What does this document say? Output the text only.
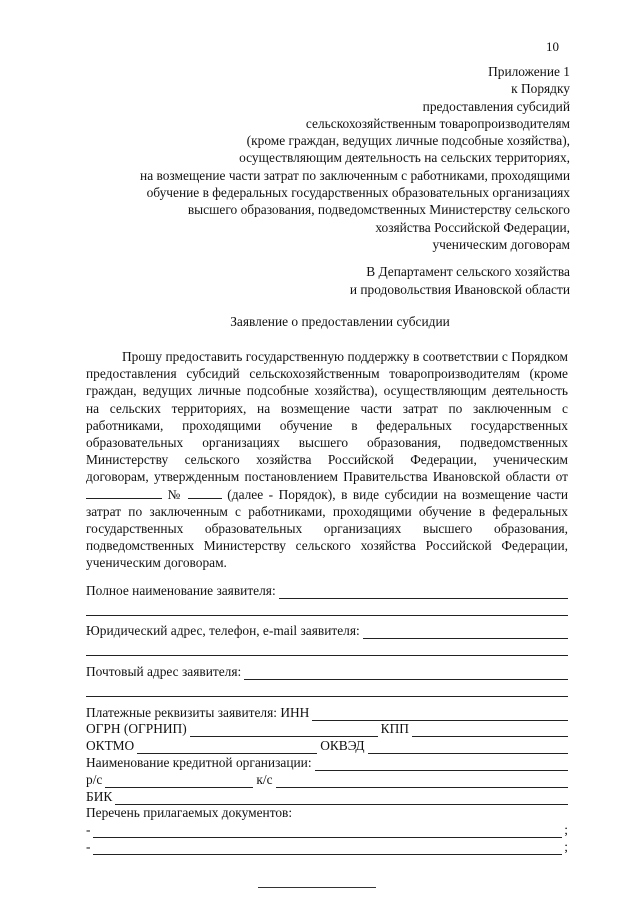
10
Приложение 1
к Порядку
предоставления субсидий
сельскохозяйственным товаропроизводителям
(кроме граждан, ведущих личные подсобные хозяйства),
осуществляющим деятельность на сельских территориях,
на возмещение части затрат по заключенным с работниками, проходящими
обучение в федеральных государственных образовательных организациях
высшего образования, подведомственных Министерству сельского
хозяйства Российской Федерации,
ученическим договорам
В Департамент сельского хозяйства
и продовольствия Ивановской области
Заявление о предоставлении субсидии

Прошу предоставить государственную поддержку в соответствии с Порядком предоставления субсидий сельскохозяйственным товаропроизводителям (кроме граждан, ведущих личные подсобные хозяйства), осуществляющим деятельность на сельских территориях, на возмещение части затрат по заключенным с работниками, проходящими обучение в федеральных государственных образовательных организациях высшего образования, подведомственных Министерству сельского хозяйства Российской Федерации, ученическим договорам, утвержденным постановлением Правительства Ивановской области от  №	(далее - Порядок), в виде субсидии на возмещение части затрат по заключенным с работниками, проходящими обучение в федеральных государственных образовательных организациях высшего образования, подведомственных Министерству сельского хозяйства Российской Федерации, ученическим договорам.

Полное наименование заявителя:
Юридический адрес, телефон, e-mail заявителя:
Почтовый адрес заявителя:
Платежные реквизиты заявителя: ИНН
ОГРН (ОГРНИП)	КПП
ОКТМО	ОКВЭД
Наименование кредитной организации:
р/с	к/с
БИК
Перечень прилагаемых документов:
-	;
-	;
